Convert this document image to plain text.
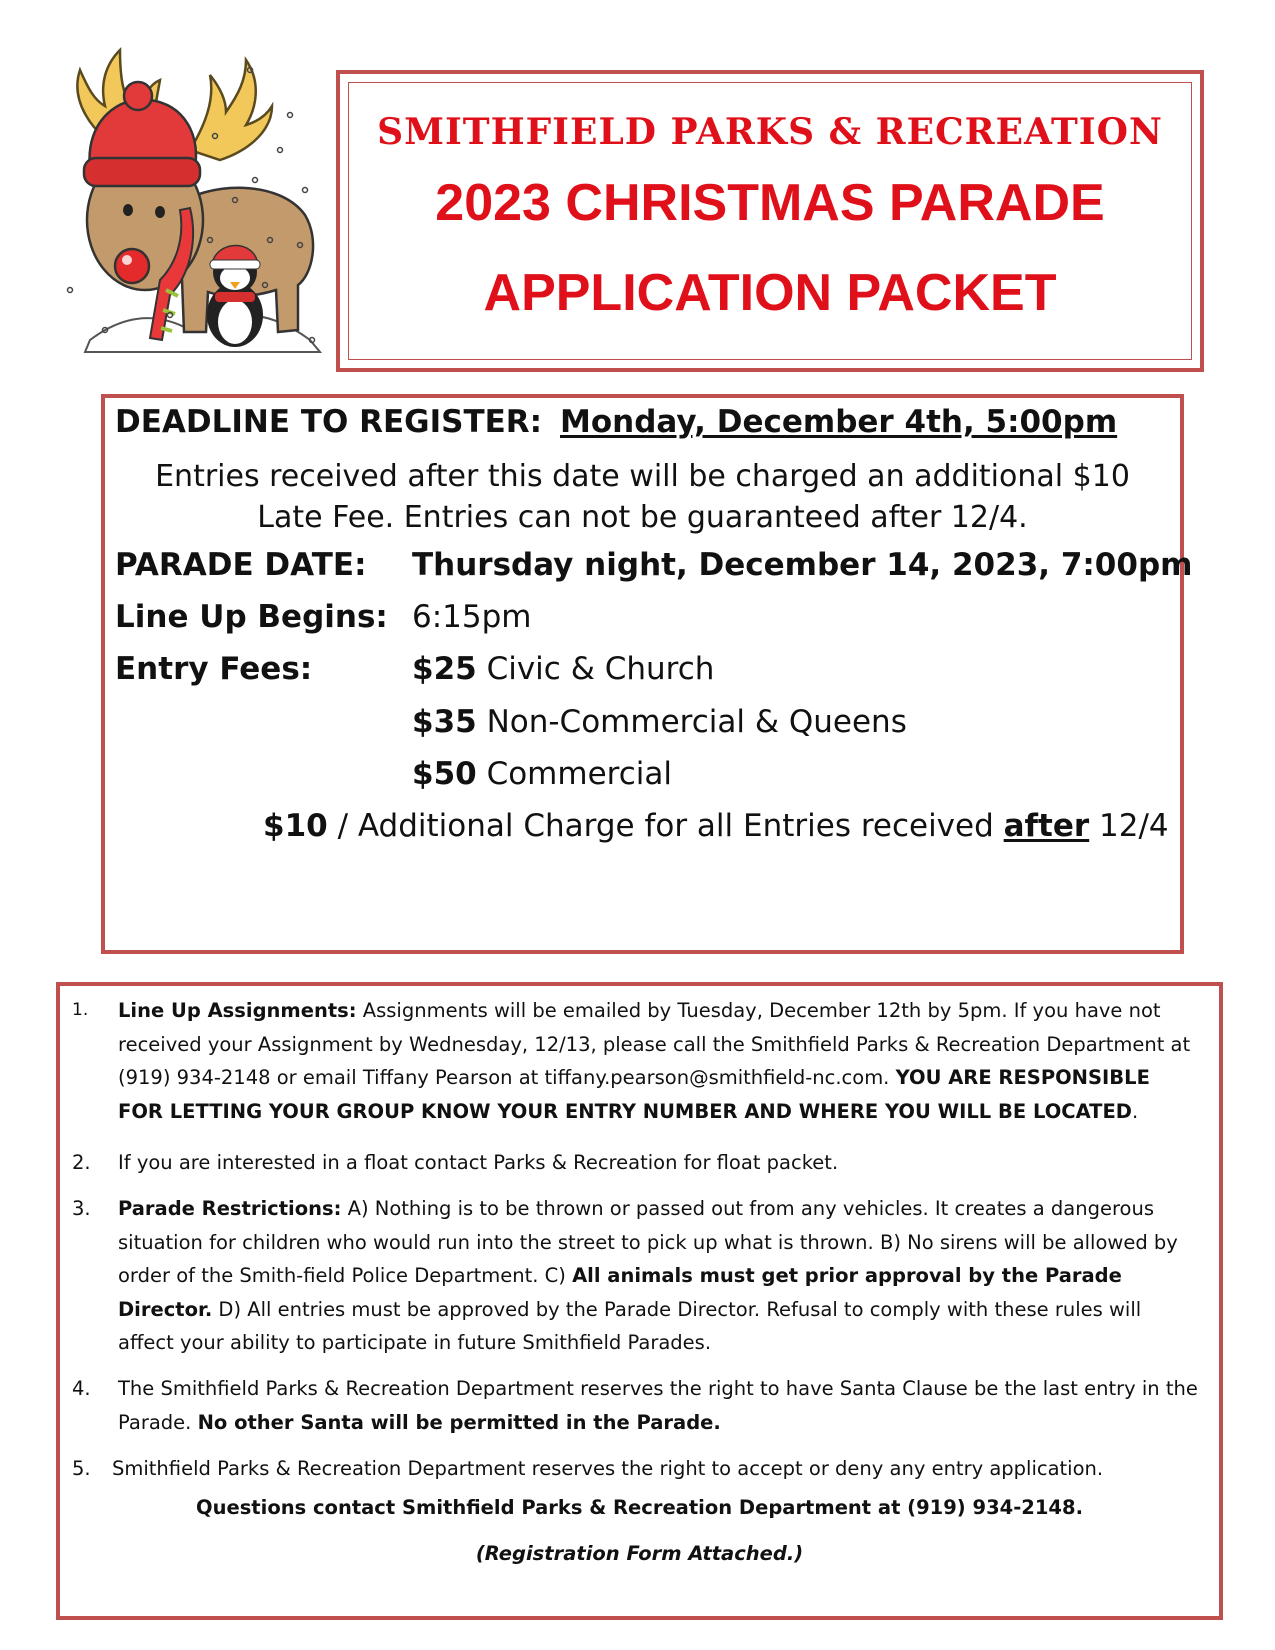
SMITHFIELD PARKS & RECREATION
2023 CHRISTMAS PARADE
APPLICATION PACKET
DEADLINE TO REGISTER: Monday, December 4th, 5:00pm
Entries received after this date will be charged an additional $10 Late Fee. Entries can not be guaranteed after 12/4.
PARADE DATE: Thursday night, December 14, 2023, 7:00pm
Line Up Begins: 6:15pm
Entry Fees:	$25 Civic & Church
$35 Non-Commercial & Queens
$50 Commercial
$10 / Additional Charge for all Entries received after 12/4
1. Line Up Assignments: Assignments will be emailed by Tuesday, December 12th by 5pm. If you have not received your Assignment by Wednesday, 12/13, please call the Smithfield Parks & Recreation Department at (919) 934-2148 or email Tiffany Pearson at tiffany.pearson@smithfield-nc.com. YOU ARE RESPONSIBLE FOR LETTING YOUR GROUP KNOW YOUR ENTRY NUMBER AND WHERE YOU WILL BE LOCATED.
2. If you are interested in a float contact Parks & Recreation for float packet.
3. Parade Restrictions: A) Nothing is to be thrown or passed out from any vehicles. It creates a dangerous situation for children who would run into the street to pick up what is thrown. B) No sirens will be allowed by order of the Smith-field Police Department. C) All animals must get prior approval by the Parade Director. D) All entries must be approved by the Parade Director. Refusal to comply with these rules will affect your ability to participate in future Smithfield Parades.
4. The Smithfield Parks & Recreation Department reserves the right to have Santa Clause be the last entry in the Parade. No other Santa will be permitted in the Parade.
5. Smithfield Parks & Recreation Department reserves the right to accept or deny any entry application.
Questions contact Smithfield Parks & Recreation Department at (919) 934-2148.
(Registration Form Attached.)
